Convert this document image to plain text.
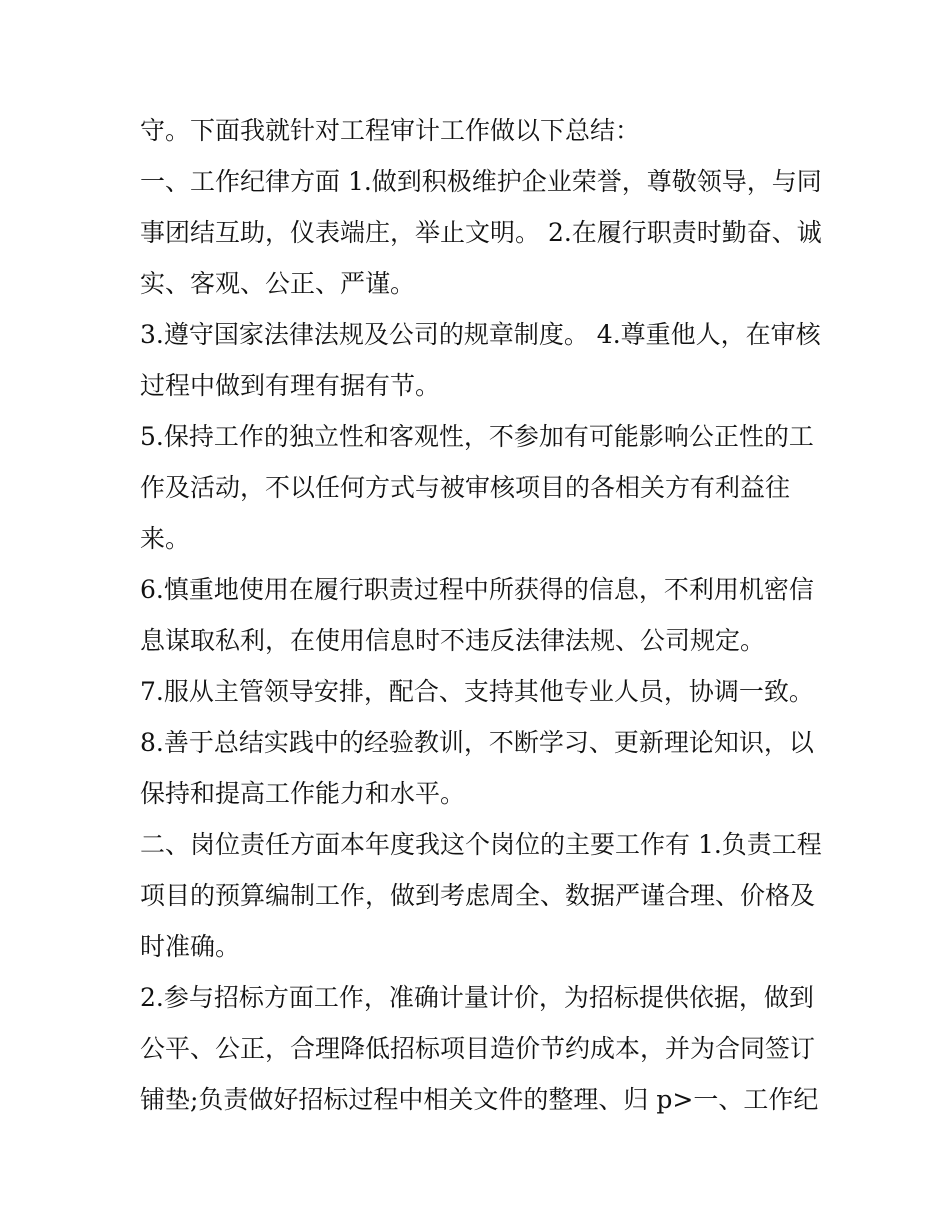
守。下面我就针对工程审计工作做以下总结：
一、工作纪律方面 1.做到积极维护企业荣誉，尊敬领导，与同
事团结互助，仪表端庄，举止文明。 2.在履行职责时勤奋、诚
实、客观、公正、严谨。
3.遵守国家法律法规及公司的规章制度。 4.尊重他人，在审核
过程中做到有理有据有节。
5.保持工作的独立性和客观性，不参加有可能影响公正性的工
作及活动，不以任何方式与被审核项目的各相关方有利益往
来。
6.慎重地使用在履行职责过程中所获得的信息，不利用机密信
息谋取私利，在使用信息时不违反法律法规、公司规定。
7.服从主管领导安排，配合、支持其他专业人员，协调一致。
8.善于总结实践中的经验教训，不断学习、更新理论知识，以
保持和提高工作能力和水平。
二、岗位责任方面本年度我这个岗位的主要工作有 1.负责工程
项目的预算编制工作，做到考虑周全、数据严谨合理、价格及
时准确。
2.参与招标方面工作，准确计量计价，为招标提供依据，做到
公平、公正，合理降低招标项目造价节约成本，并为合同签订
铺垫;负责做好招标过程中相关文件的整理、归 p>一、工作纪
